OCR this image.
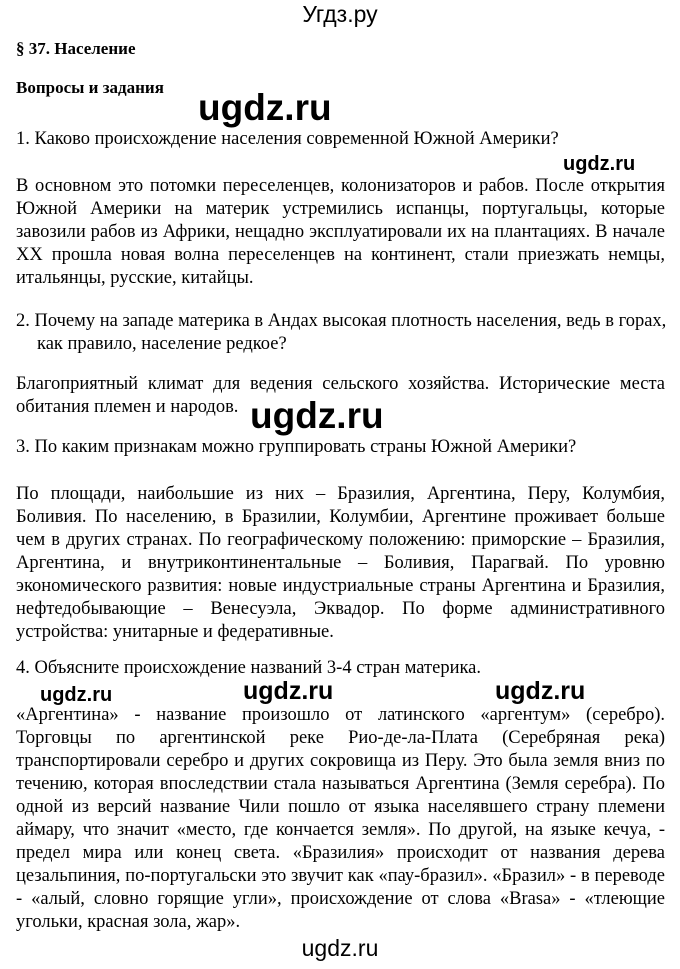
Угдз.ру
§ 37. Население
Вопросы и задания ugdz.ru
1. Каково происхождение населения современной Южной Америки?
ugdz.ru
В основном это потомки переселенцев, колонизаторов и рабов. После открытия Южной Америки на материк устремились испанцы, португальцы, которые завозили рабов из Африки, нещадно эксплуатировали их на плантациях. В начале XX прошла новая волна переселенцев на континент, стали приезжать немцы, итальянцы, русские, китайцы.
2. Почему на западе материка в Андах высокая плотность населения, ведь в горах, как правило, население редкое?
Благоприятный климат для ведения сельского хозяйства. Исторические места обитания племен и народов. ugdz.ru
3. По каким признакам можно группировать страны Южной Америки?
По площади, наибольшие из них – Бразилия, Аргентина, Перу, Колумбия, Боливия. По населению, в Бразилии, Колумбии, Аргентине проживает больше чем в других странах. По географическому положению: приморские – Бразилия, Аргентина, и внутриконтинентальные – Боливия, Парагвай. По уровню экономического развития: новые индустриальные страны Аргентина и Бразилия, нефтедобывающие – Венесуэла, Эквадор. По форме административного устройства: унитарные и федеративные.
4. Объясните происхождение названий 3-4 стран материка.
ugdz.ru	ugdz.ru	ugdz.ru
«Аргентина» - название произошло от латинского «аргентум» (серебро). Торговцы по аргентинской реке Рио-де-ла-Плата (Серебряная река) транспортировали серебро и других сокровища из Перу. Это была земля вниз по течению, которая впоследствии стала называться Аргентина (Земля серебра). По одной из версий название Чили пошло от языка населявшего страну племени аймару, что значит «место, где кончается земля». По другой, на языке кечуа, - предел мира или конец света. «Бразилия» происходит от названия дерева цезальпиния, по-португальски это звучит как «пау-бразил». «Бразил» - в переводе - «алый, словно горящие угли», происхождение от слова «Brasa» - «тлеющие угольки, красная зола, жар».
ugdz.ru
